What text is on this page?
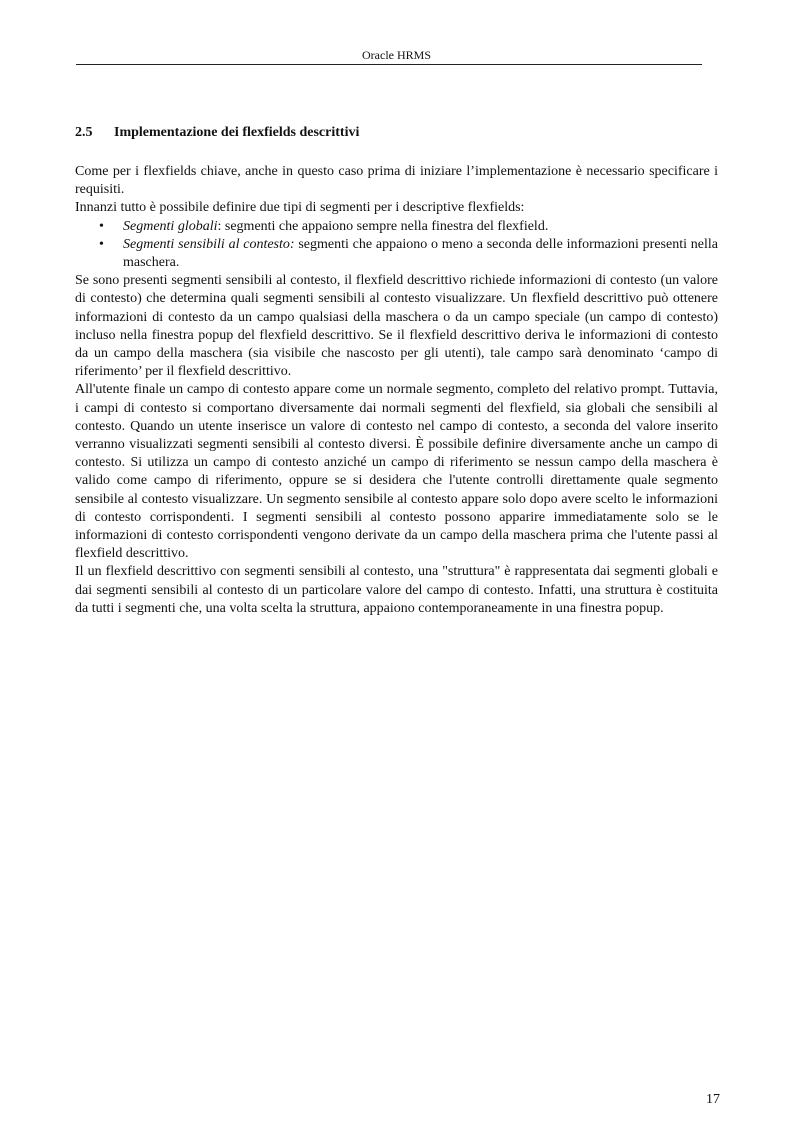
Oracle HRMS
2.5 Implementazione dei flexfields descrittivi

Come per i flexfields chiave, anche in questo caso prima di iniziare l’implementazione è necessario specificare i requisiti.

Innanzi tutto è possibile definire due tipi di segmenti per i descriptive flexfields:

• Segmenti globali: segmenti che appaiono sempre nella finestra del flexfield.
• Segmenti sensibili al contesto: segmenti che appaiono o meno a seconda delle informazioni presenti nella maschera.

Se sono presenti segmenti sensibili al contesto, il flexfield descrittivo richiede informazioni di contesto (un valore di contesto) che determina quali segmenti sensibili al contesto visualizzare. Un flexfield descrittivo può ottenere informazioni di contesto da un campo qualsiasi della maschera o da un campo speciale (un campo di contesto) incluso nella finestra popup del flexfield descrittivo. Se il flexfield descrittivo deriva le informazioni di contesto da un campo della maschera (sia visibile che nascosto per gli utenti), tale campo sarà denominato ‘campo di riferimento’ per il flexfield descrittivo.

All'utente finale un campo di contesto appare come un normale segmento, completo del relativo prompt. Tuttavia, i campi di contesto si comportano diversamente dai normali segmenti del flexfield, sia globali che sensibili al contesto. Quando un utente inserisce un valore di contesto nel campo di contesto, a seconda del valore inserito verranno visualizzati segmenti sensibili al contesto diversi. È possibile definire diversamente anche un campo di contesto. Si utilizza un campo di contesto anziché un campo di riferimento se nessun campo della maschera è valido come campo di riferimento, oppure se si desidera che l'utente controlli direttamente quale segmento sensibile al contesto visualizzare. Un segmento sensibile al contesto appare solo dopo avere scelto le informazioni di contesto corrispondenti. I segmenti sensibili al contesto possono apparire immediatamente solo se le informazioni di contesto corrispondenti vengono derivate da un campo della maschera prima che l'utente passi al flexfield descrittivo.

Il un flexfield descrittivo con segmenti sensibili al contesto, una "struttura" è rappresentata dai segmenti globali e dai segmenti sensibili al contesto di un particolare valore del campo di contesto. Infatti, una struttura è costituita da tutti i segmenti che, una volta scelta la struttura, appaiono contemporaneamente in una finestra popup.

17
